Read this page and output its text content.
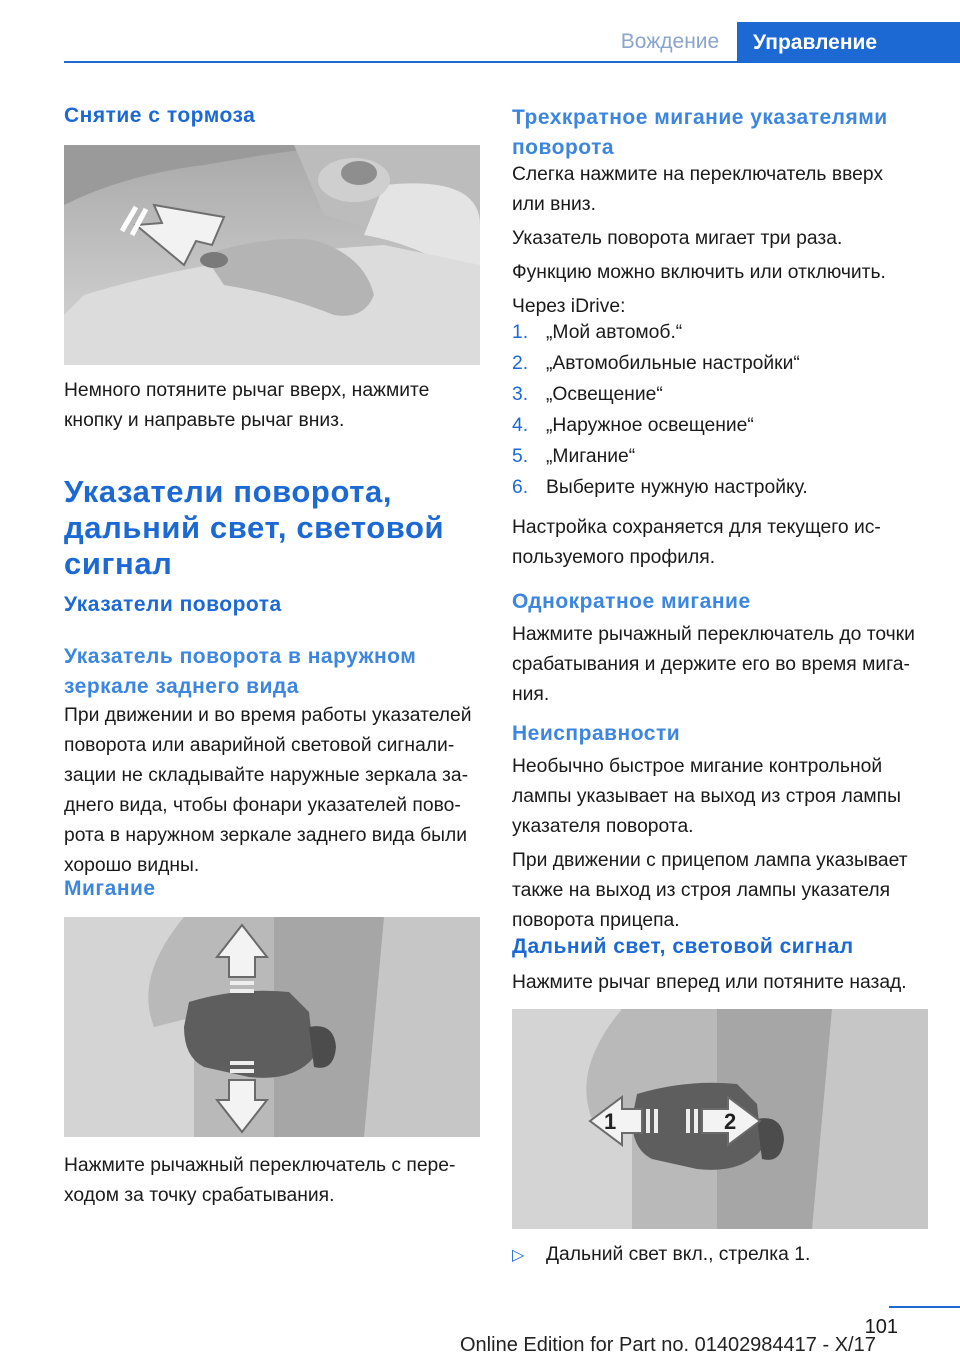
Вождение	Управление
Снятие с тормоза
Немного потяните рычаг вверх, нажмите
кнопку и направьте рычаг вниз.
Указатели поворота,
дальний свет, световой
сигнал
Указатели поворота
Указатель поворота в наружном
зеркале заднего вида
При движении и во время работы указателей
поворота или аварийной световой сигнали-
зации не складывайте наружные зеркала за-
днего вида, чтобы фонари указателей пово-
рота в наружном зеркале заднего вида были
хорошо видны.
Мигание
Нажмите рычажный переключатель с пере-
ходом за точку срабатывания.
Трехкратное мигание указателями
поворота
Слегка нажмите на переключатель вверх
или вниз.
Указатель поворота мигает три раза.
Функцию можно включить или отключить.
Через iDrive:
1. „Мой автомоб.“
2. „Автомобильные настройки“
3. „Освещение“
4. „Наружное освещение“
5. „Мигание“
6. Выберите нужную настройку.
Настройка сохраняется для текущего ис-
пользуемого профиля.
Однократное мигание
Нажмите рычажный переключатель до точки
срабатывания и держите его во время мига-
ния.
Неисправности
Необычно быстрое мигание контрольной
лампы указывает на выход из строя лампы
указателя поворота.
При движении с прицепом лампа указывает
также на выход из строя лампы указателя
поворота прицепа.
Дальний свет, световой сигнал
Нажмите рычаг вперед или потяните назад.
1	2
▷ Дальний свет вкл., стрелка 1.
101
Online Edition for Part no. 01402984417 - X/17
